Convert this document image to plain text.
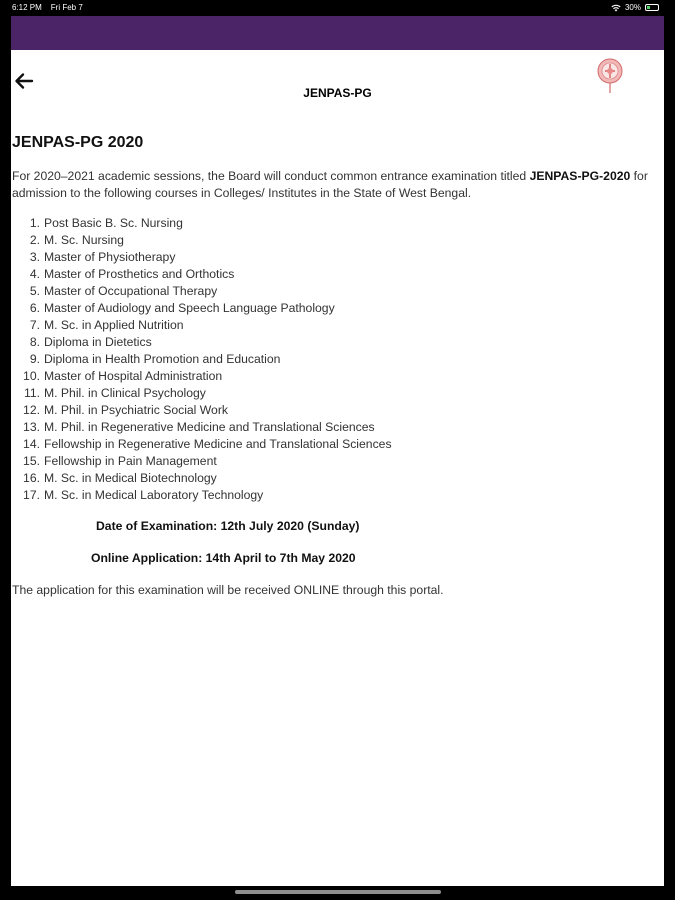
6:12 PM Fri Feb 7	30%
JENPAS-PG
JENPAS-PG 2020

For 2020–2021 academic sessions, the Board will conduct common entrance examination titled JENPAS-PG-2020 for admission to the following courses in Colleges/ Institutes in the State of West Bengal.

1. Post Basic B. Sc. Nursing
2. M. Sc. Nursing
3. Master of Physiotherapy
4. Master of Prosthetics and Orthotics
5. Master of Occupational Therapy
6. Master of Audiology and Speech Language Pathology
7. M. Sc. in Applied Nutrition
8. Diploma in Dietetics
9. Diploma in Health Promotion and Education
10. Master of Hospital Administration
11. M. Phil. in Clinical Psychology
12. M. Phil. in Psychiatric Social Work
13. M. Phil. in Regenerative Medicine and Translational Sciences
14. Fellowship in Regenerative Medicine and Translational Sciences
15. Fellowship in Pain Management
16. M. Sc. in Medical Biotechnology
17. M. Sc. in Medical Laboratory Technology

Date of Examination: 12th July 2020 (Sunday)

Online Application: 14th April to 7th May 2020

The application for this examination will be received ONLINE through this portal.
